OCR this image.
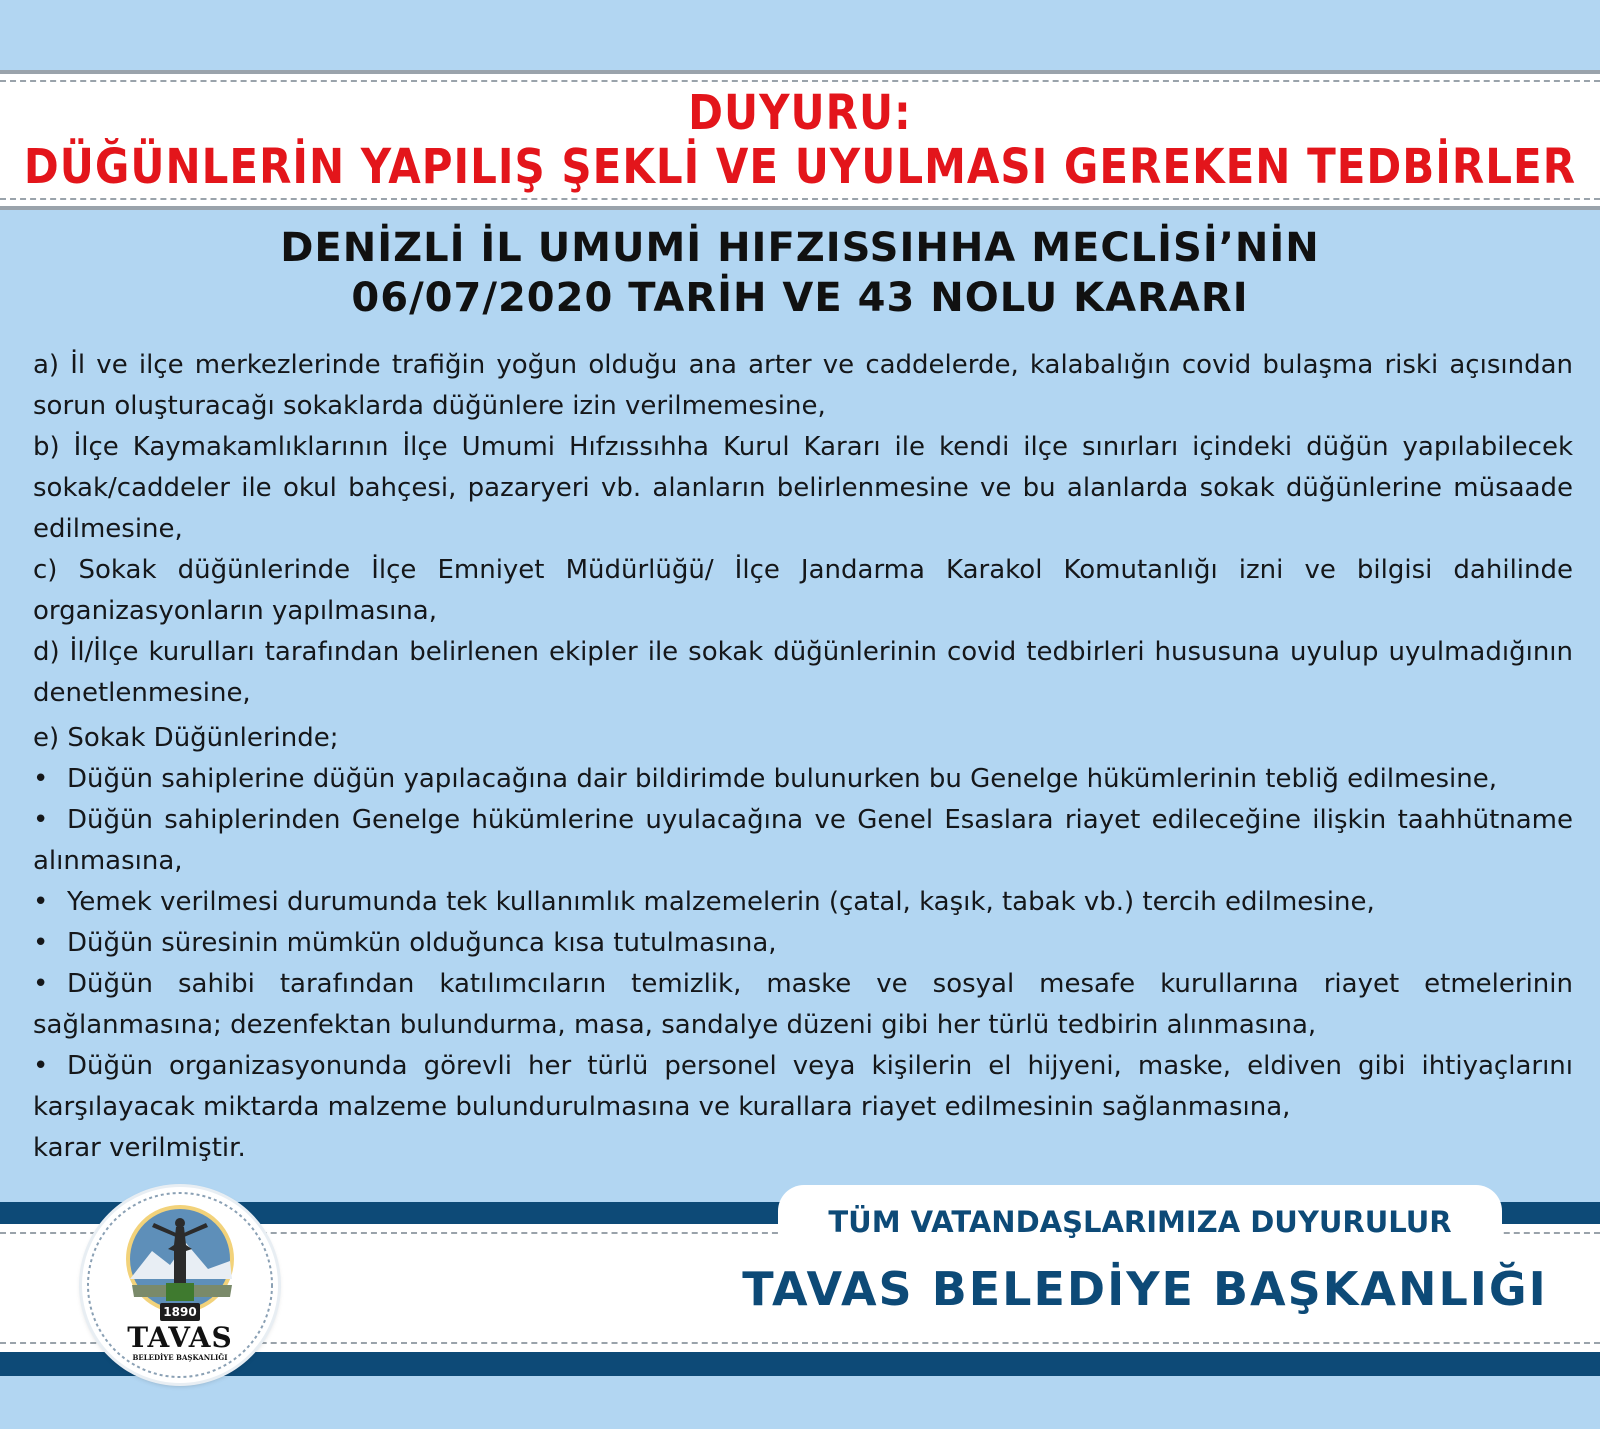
DUYURU:
DÜĞÜNLERİN YAPILIŞ ŞEKLİ VE UYULMASI GEREKEN TEDBİRLER
DENİZLİ İL UMUMİ HIFZISSIHHA MECLİSİ’NİN
06/07/2020 TARİH VE 43 NOLU KARARI

a) İl ve ilçe merkezlerinde trafiğin yoğun olduğu ana arter ve caddelerde, kalabalığın covid bulaşma riski açısından sorun oluşturacağı sokaklarda düğünlere izin verilmemesine,

b) İlçe Kaymakamlıklarının İlçe Umumi Hıfzıssıhha Kurul Kararı ile kendi ilçe sınırları içindeki düğün yapılabilecek sokak/caddeler ile okul bahçesi, pazaryeri vb. alanların belirlenmesine ve bu alanlarda sokak düğünlerine müsaade edilmesine,

c) Sokak düğünlerinde İlçe Emniyet Müdürlüğü/ İlçe Jandarma Karakol Komutanlığı izni ve bilgisi dahilinde organizasyonların yapılmasına,

d) İl/İlçe kurulları tarafından belirlenen ekipler ile sokak düğünlerinin covid tedbirleri hususuna uyulup uyulmadığının denetlenmesine,

e) Sokak Düğünlerinde;

• Düğün sahiplerine düğün yapılacağına dair bildirimde bulunurken bu Genelge hükümlerinin tebliğ edilmesine,

• Düğün sahiplerinden Genelge hükümlerine uyulacağına ve Genel Esaslara riayet edileceğine ilişkin taahhütname alınmasına,

• Yemek verilmesi durumunda tek kullanımlık malzemelerin (çatal, kaşık, tabak vb.) tercih edilmesine,

• Düğün süresinin mümkün olduğunca kısa tutulmasına,

• Düğün sahibi tarafından katılımcıların temizlik, maske ve sosyal mesafe kurullarına riayet etmelerinin sağlanmasına; dezenfektan bulundurma, masa, sandalye düzeni gibi her türlü tedbirin alınmasına,

• Düğün organizasyonunda görevli her türlü personel veya kişilerin el hijyeni, maske, eldiven gibi ihtiyaçlarını karşılayacak miktarda malzeme bulundurulmasına ve kurallara riayet edilmesinin sağlanmasına,

karar verilmiştir.

TÜM VATANDAŞLARIMIZA DUYURULUR
TAVAS BELEDİYE BAŞKANLIĞI
1890
TAVAS
BELEDİYE BAŞKANLIĞI
